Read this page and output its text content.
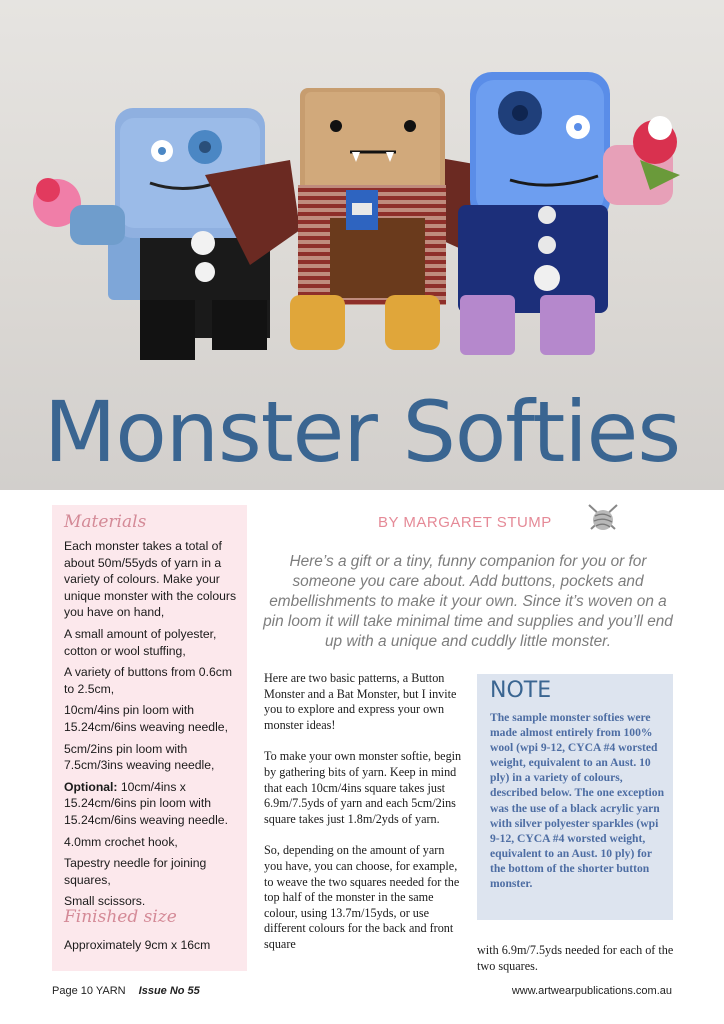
Monster Softies
Materials
Each monster takes a total of about 50m/55yds of yarn in a variety of colours. Make your unique monster with the colours you have on hand,
A small amount of polyester, cotton or wool stuffing,
A variety of buttons from 0.6cm to 2.5cm,
10cm/4ins pin loom with 15.24cm/6ins weaving needle,
5cm/2ins pin loom with 7.5cm/3ins weaving needle,
Optional: 10cm/4ins x 15.24cm/6ins pin loom with 15.24cm/6ins weaving needle.
4.0mm crochet hook,
Tapestry needle for joining squares,
Small scissors.
Finished size
Approximately 9cm x 16cm
BY MARGARET STUMP

Here’s a gift or a tiny, funny companion for you or for someone you care about. Add buttons, pockets and embellishments to make it your own. Since it’s woven on a pin loom it will take minimal time and supplies and you’ll end up with a unique and cuddly little monster.

Here are two basic patterns, a Button Monster and a Bat Monster, but I invite you to explore and express your own monster ideas!

To make your own monster softie, begin by gathering bits of yarn. Keep in mind that each 10cm/4ins square takes just 6.9m/7.5yds of yarn and each 5cm/2ins square takes just 1.8m/2yds of yarn.

So, depending on the amount of yarn you have, you can choose, for example, to weave the two squares needed for the top half of the monster in the same colour, using 13.7m/15yds, or use different colours for the back and front square

NOTE

The sample monster softies were made almost entirely from 100% wool (wpi 9-12, CYCA #4 worsted weight, equivalent to an Aust. 10 ply) in a variety of colours, described below. The one exception was the use of a black acrylic yarn with silver polyester sparkles (wpi 9-12, CYCA #4 worsted weight, equivalent to an Aust. 10 ply) for the bottom of the shorter button monster.

with 6.9m/7.5yds needed for each of the two squares.

Page 10 YARN Issue No 55	www.artwearpublications.com.au
